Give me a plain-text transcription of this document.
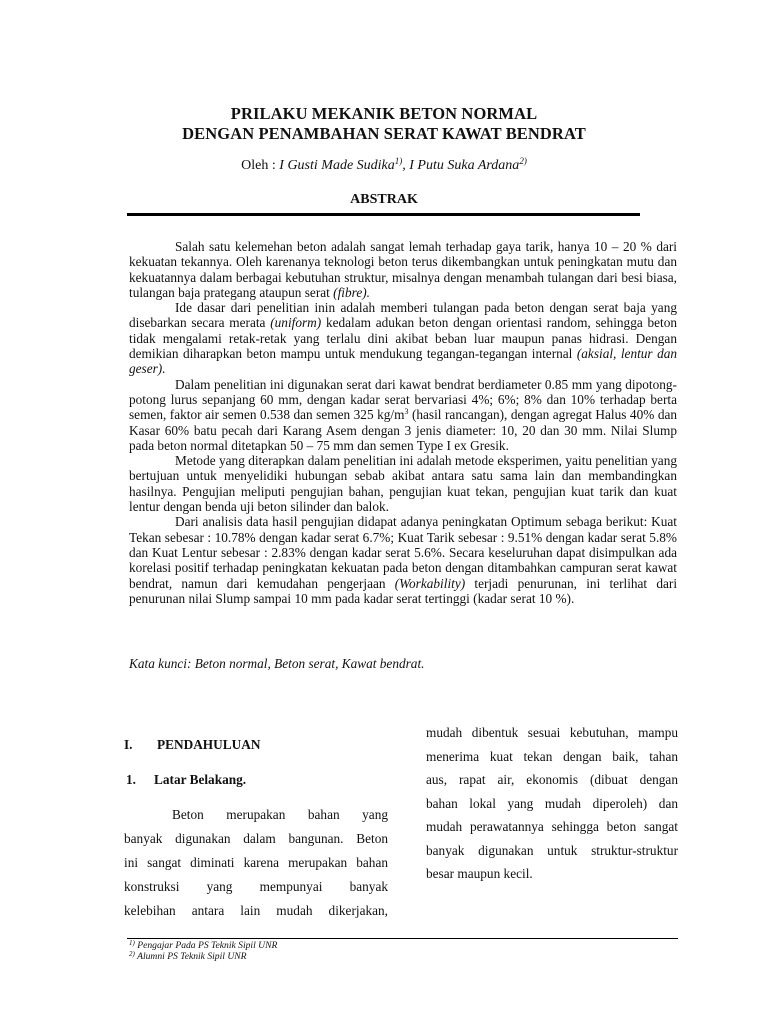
PRILAKU MEKANIK BETON NORMAL
DENGAN PENAMBAHAN SERAT KAWAT BENDRAT
Oleh : I Gusti Made Sudika$^{1)}$, I Putu Suka Ardana$^{2)}$
ABSTRAK

Salah satu kelemehan beton adalah sangat lemah terhadap gaya tarik, hanya 10 – 20 % dari kekuatan tekannya. Oleh karenanya teknologi beton terus dikembangkan untuk peningkatan mutu dan kekuatannya dalam berbagai kebutuhan struktur, misalnya dengan menambah tulangan dari besi biasa, tulangan baja prategang ataupun serat (fibre).

Ide dasar dari penelitian inin adalah memberi tulangan pada beton dengan serat baja yang disebarkan secara merata (uniform) kedalam adukan beton dengan orientasi random, sehingga beton tidak mengalami retak-retak yang terlalu dini akibat beban luar maupun panas hidrasi. Dengan demikian diharapkan beton mampu untuk mendukung tegangan-tegangan internal (aksial, lentur dan geser).

Dalam penelitian ini digunakan serat dari kawat bendrat berdiameter 0.85 mm yang dipotong-potong lurus sepanjang 60 mm, dengan kadar serat bervariasi 4%; 6%; 8% dan 10% terhadap berta semen, faktor air semen 0.538 dan semen 325 $kg/m^3$ (hasil rancangan), dengan agregat Halus 40% dan Kasar 60% batu pecah dari Karang Asem dengan 3 jenis diameter: 10, 20 dan 30 mm. Nilai Slump pada beton normal ditetapkan 50 – 75 mm dan semen Type I ex Gresik.

Metode yang diterapkan dalam penelitian ini adalah metode eksperimen, yaitu penelitian yang bertujuan untuk menyelidiki hubungan sebab akibat antara satu sama lain dan membandingkan hasilnya. Pengujian meliputi pengujian bahan, pengujian kuat tekan, pengujian kuat tarik dan kuat lentur dengan benda uji beton silinder dan balok.

Dari analisis data hasil pengujian didapat adanya peningkatan Optimum sebaga berikut: Kuat Tekan sebesar : 10.78% dengan kadar serat 6.7%; Kuat Tarik sebesar : 9.51% dengan kadar serat 5.8% dan Kuat Lentur sebesar : 2.83% dengan kadar serat 5.6%. Secara keseluruhan dapat disimpulkan ada korelasi positif terhadap peningkatan kekuatan pada beton dengan ditambahkan campuran serat kawat bendrat, namun dari kemudahan pengerjaan (Workability) terjadi penurunan, ini terlihat dari penurunan nilai Slump sampai 10 mm pada kadar serat tertinggi (kadar serat 10 %).

Kata kunci: Beton normal, Beton serat, Kawat bendrat.
I. PENDAHULUAN
1. Latar Belakang.
Beton merupakan bahan yang
banyak digunakan dalam bangunan. Beton
ini sangat diminati karena merupakan bahan
konstruksi yang mempunyai banyak
kelebihan antara lain mudah dikerjakan,
mudah dibentuk sesuai kebutuhan, mampu
menerima kuat tekan dengan baik, tahan
aus, rapat air, ekonomis (dibuat dengan
bahan lokal yang mudah diperoleh) dan
mudah perawatannya sehingga beton sangat
banyak digunakan untuk struktur-struktur
besar maupun kecil.
$^{1)}$ Pengajar Pada PS Teknik Sipil UNR
$^{2)}$ Alumni PS Teknik Sipil UNR
